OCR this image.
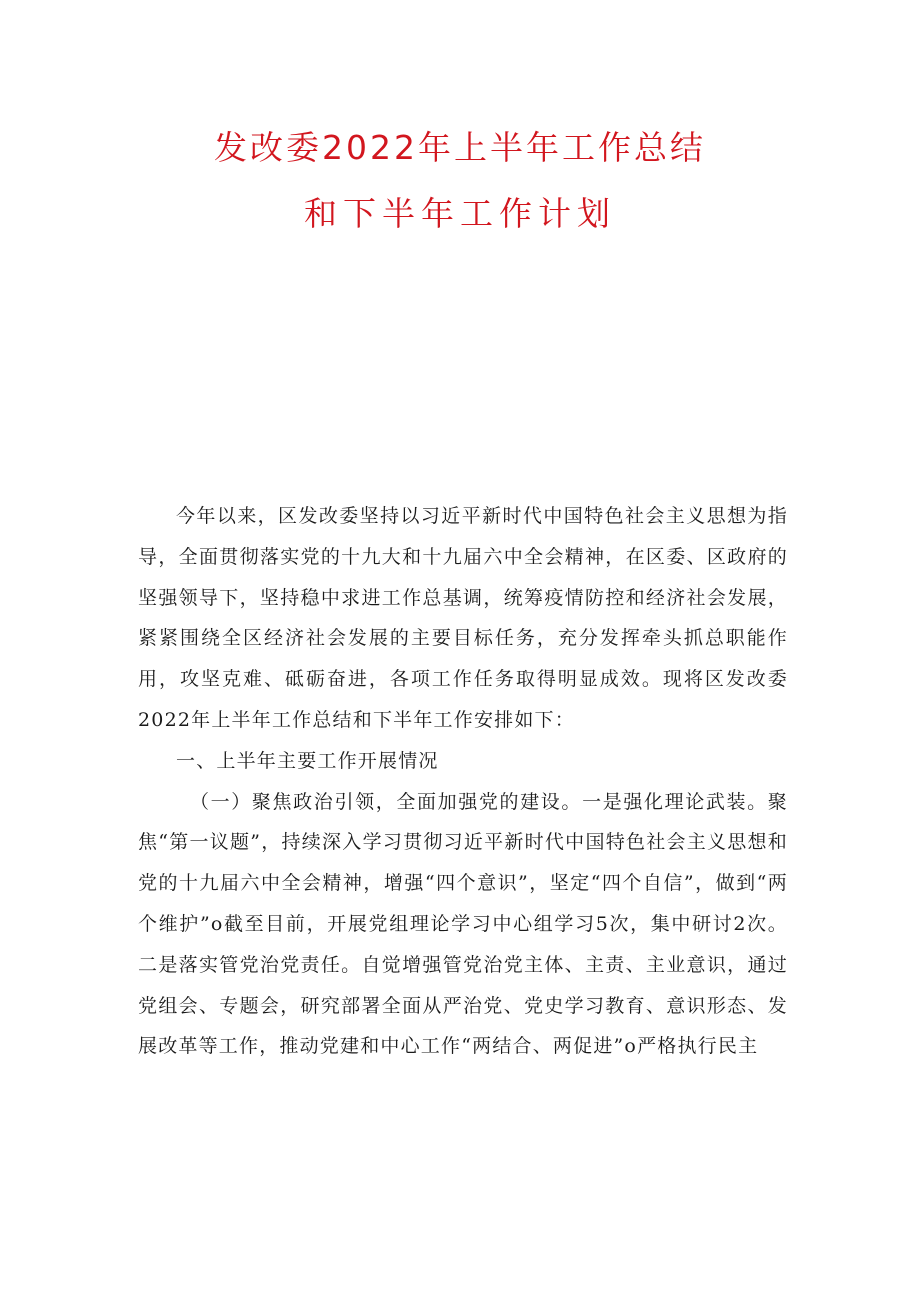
发改委2022年上半年工作总结
和下半年工作计划

今年以来，区发改委坚持以习近平新时代中国特色社会主义思想为指导，全面贯彻落实党的十九大和十九届六中全会精神，在区委、区政府的坚强领导下，坚持稳中求进工作总基调，统筹疫情防控和经济社会发展，紧紧围绕全区经济社会发展的主要目标任务，充分发挥牵头抓总职能作用，攻坚克难、砥砺奋进，各项工作任务取得明显成效。现将区发改委2022年上半年工作总结和下半年工作安排如下：

一、上半年主要工作开展情况

（一）聚焦政治引领，全面加强党的建设。一是强化理论武装。聚焦“第一议题”，持续深入学习贯彻习近平新时代中国特色社会主义思想和党的十九届六中全会精神，增强“四个意识”，坚定“四个自信”，做到“两个维护”o截至目前，开展党组理论学习中心组学习5次，集中研讨2次。二是落实管党治党责任。自觉增强管党治党主体、主责、主业意识，通过党组会、专题会，研究部署全面从严治党、党史学习教育、意识形态、发展改革等工作，推动党建和中心工作“两结合、两促进”o严格执行民主
